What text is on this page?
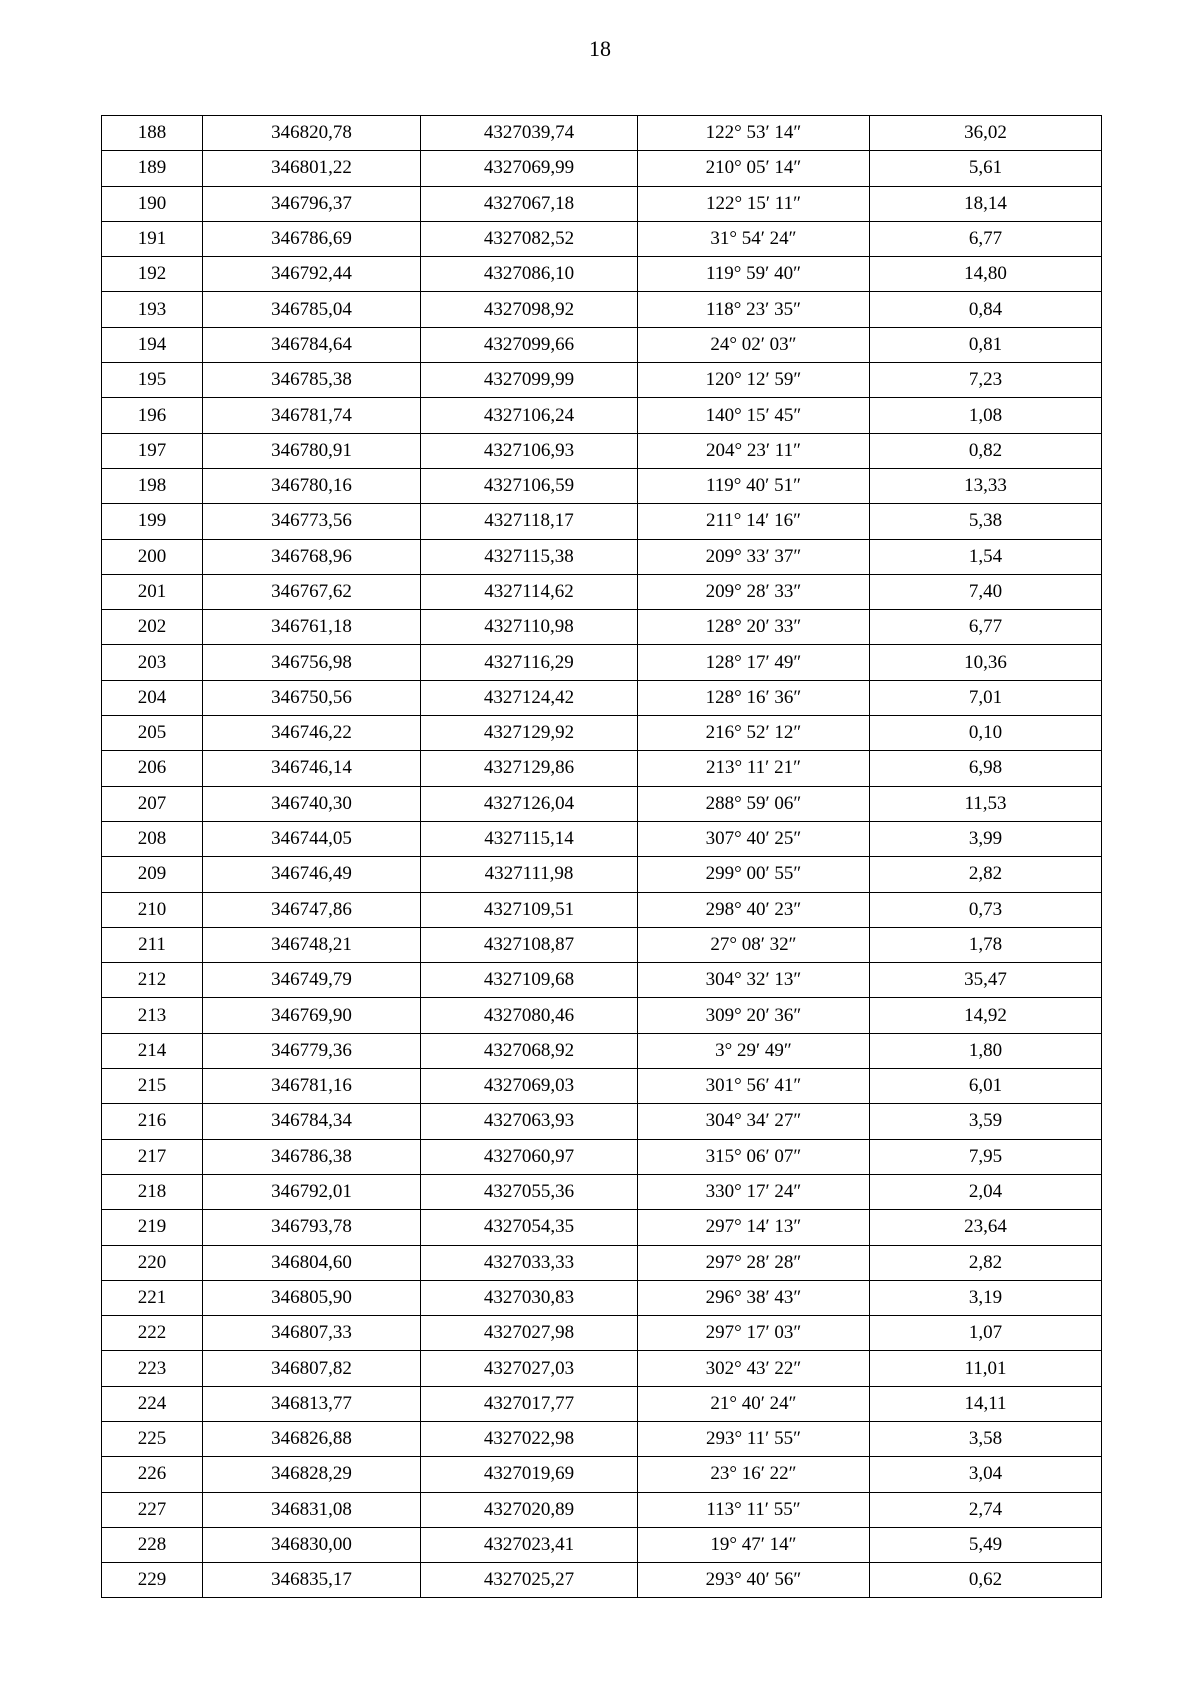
18
188	346820,78	4327039,74	122° 53′ 14″	36,02
189	346801,22	4327069,99	210° 05′ 14″	5,61
190	346796,37	4327067,18	122° 15′ 11″	18,14
191	346786,69	4327082,52	31° 54′ 24″	6,77
192	346792,44	4327086,10	119° 59′ 40″	14,80
193	346785,04	4327098,92	118° 23′ 35″	0,84
194	346784,64	4327099,66	24° 02′ 03″	0,81
195	346785,38	4327099,99	120° 12′ 59″	7,23
196	346781,74	4327106,24	140° 15′ 45″	1,08
197	346780,91	4327106,93	204° 23′ 11″	0,82
198	346780,16	4327106,59	119° 40′ 51″	13,33
199	346773,56	4327118,17	211° 14′ 16″	5,38
200	346768,96	4327115,38	209° 33′ 37″	1,54
201	346767,62	4327114,62	209° 28′ 33″	7,40
202	346761,18	4327110,98	128° 20′ 33″	6,77
203	346756,98	4327116,29	128° 17′ 49″	10,36
204	346750,56	4327124,42	128° 16′ 36″	7,01
205	346746,22	4327129,92	216° 52′ 12″	0,10
206	346746,14	4327129,86	213° 11′ 21″	6,98
207	346740,30	4327126,04	288° 59′ 06″	11,53
208	346744,05	4327115,14	307° 40′ 25″	3,99
209	346746,49	4327111,98	299° 00′ 55″	2,82
210	346747,86	4327109,51	298° 40′ 23″	0,73
211	346748,21	4327108,87	27° 08′ 32″	1,78
212	346749,79	4327109,68	304° 32′ 13″	35,47
213	346769,90	4327080,46	309° 20′ 36″	14,92
214	346779,36	4327068,92	3° 29′ 49″	1,80
215	346781,16	4327069,03	301° 56′ 41″	6,01
216	346784,34	4327063,93	304° 34′ 27″	3,59
217	346786,38	4327060,97	315° 06′ 07″	7,95
218	346792,01	4327055,36	330° 17′ 24″	2,04
219	346793,78	4327054,35	297° 14′ 13″	23,64
220	346804,60	4327033,33	297° 28′ 28″	2,82
221	346805,90	4327030,83	296° 38′ 43″	3,19
222	346807,33	4327027,98	297° 17′ 03″	1,07
223	346807,82	4327027,03	302° 43′ 22″	11,01
224	346813,77	4327017,77	21° 40′ 24″	14,11
225	346826,88	4327022,98	293° 11′ 55″	3,58
226	346828,29	4327019,69	23° 16′ 22″	3,04
227	346831,08	4327020,89	113° 11′ 55″	2,74
228	346830,00	4327023,41	19° 47′ 14″	5,49
229	346835,17	4327025,27	293° 40′ 56″	0,62
